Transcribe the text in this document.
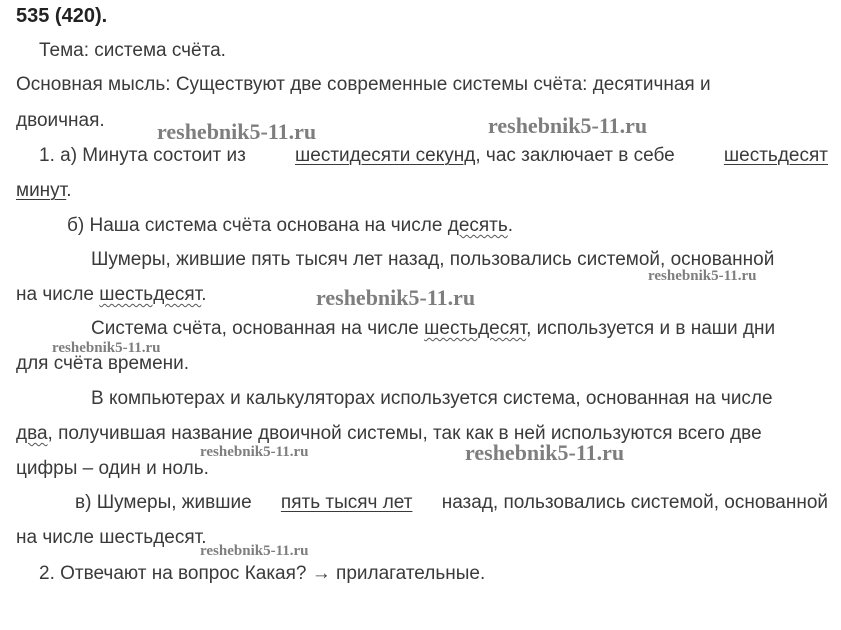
535 (420).
Тема: система счёта.
Основная мысль: Существуют две современные системы счёта: десятичная и
двоичная.
1. а) Минута состоит из	шестидесяти секунд, час заключает в себе	шестьдесят
минут.
б) Наша система счёта основана на числе десять.
Шумеры, жившие пять тысяч лет назад, пользовались системой, основанной
на числе шестьдесят.
Система счёта, основанная на числе шестьдесят, используется и в наши дни
для счёта времени.
В компьютерах и калькуляторах используется система, основанная на числе
два, получившая название двоичной системы, так как в ней используются всего две
цифры – один и ноль.
в) Шумеры, жившие пять тысяч лет назад, пользовались системой, основанной
на числе шестьдесят.
2. Отвечают на вопрос Какая? → прилагательные.
reshebnik5-11.ru	reshebnik5-11.ru
reshebnik5-11.ru
reshebnik5-11.ru
reshebnik5-11.ru
reshebnik5-11.ru	reshebnik5-11.ru
reshebnik5-11.ru
